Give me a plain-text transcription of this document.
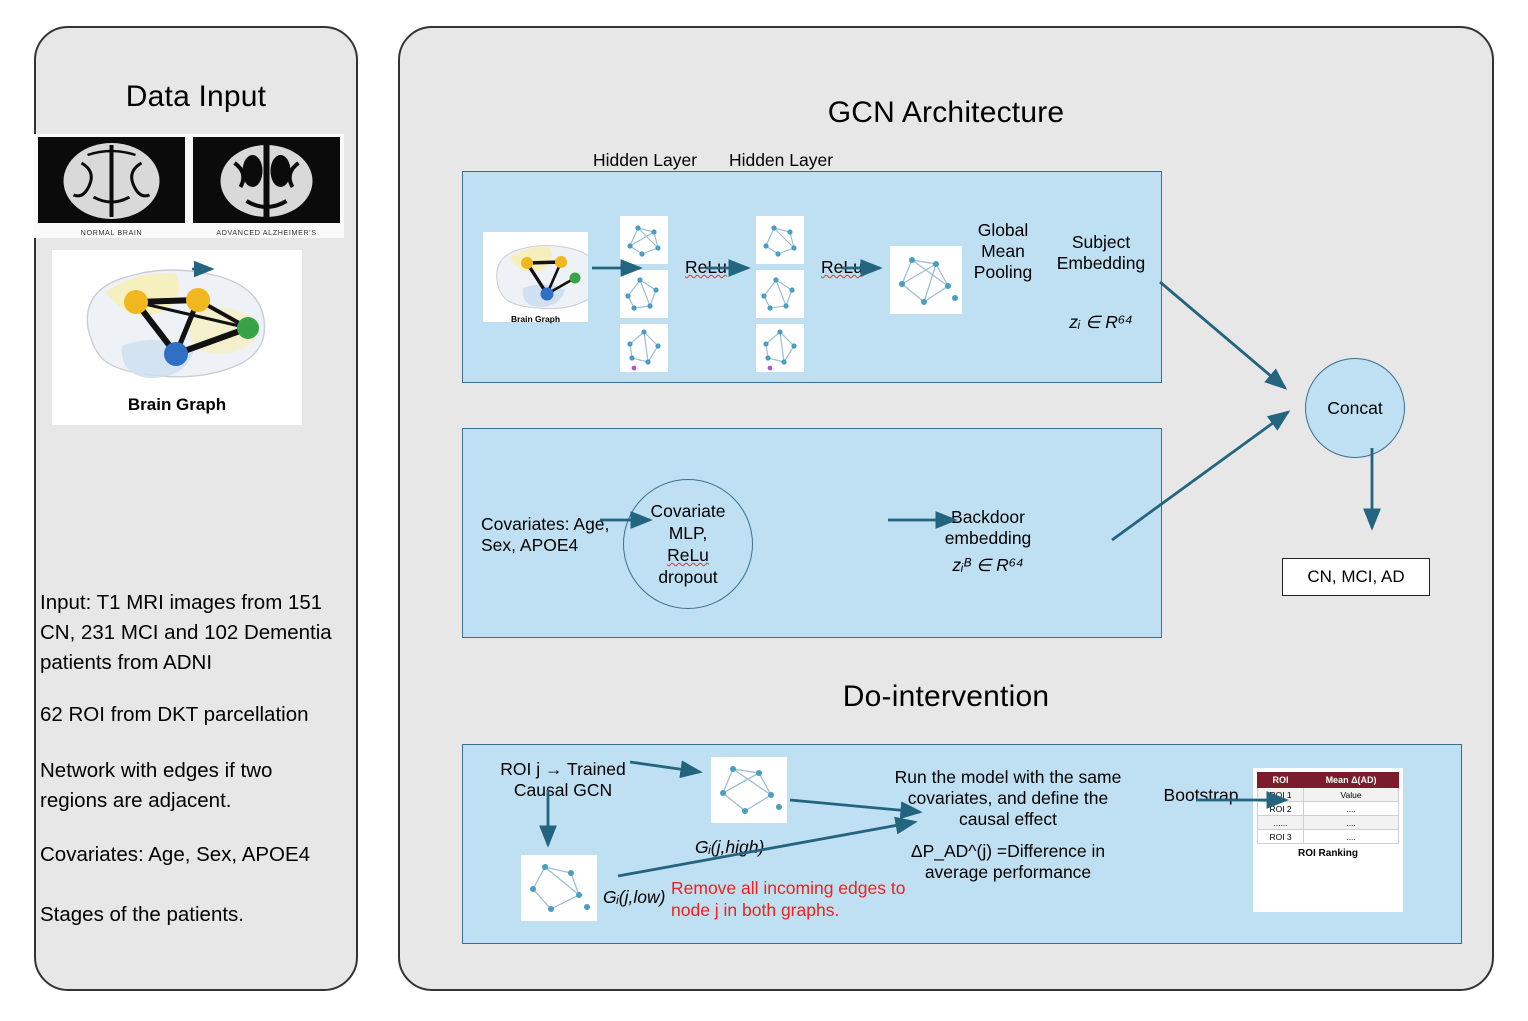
Data Input
NORMAL BRAIN	ADVANCED ALZHEIMER'S
Brain Graph
Input: T1 MRI images from 151 CN, 231 MCI and 102 Dementia patients from ADNI
62 ROI from DKT parcellation
Network with edges if two regions are adjacent.
Covariates: Age, Sex, APOE4
Stages of the patients.
GCN Architecture
Do-intervention
Brain Graph
Hidden Layer
ReLu
Hidden Layer
ReLu
Global Mean Pooling
Subject Embedding
zᵢ ∈ R⁶⁴
Covariates: Age, Sex, APOE4
Covariate
MLP,
ReLu
dropout
Backdoor embedding
zᵢᴮ ∈ R⁶⁴
Concat
CN, MCI, AD
ROI j → Trained Causal GCN
Gᵢ(j,high)
Gᵢ(j,low) Remove all incoming edges to node j in both graphs.
Run the model with the same covariates, and define the causal effect
ΔP_AD^(j) =Difference in average performance
Bootstrap
ROI	Mean Δ(AD)
ROI 1	Value
ROI 2	....
......	....
ROI 3	....
ROI Ranking
